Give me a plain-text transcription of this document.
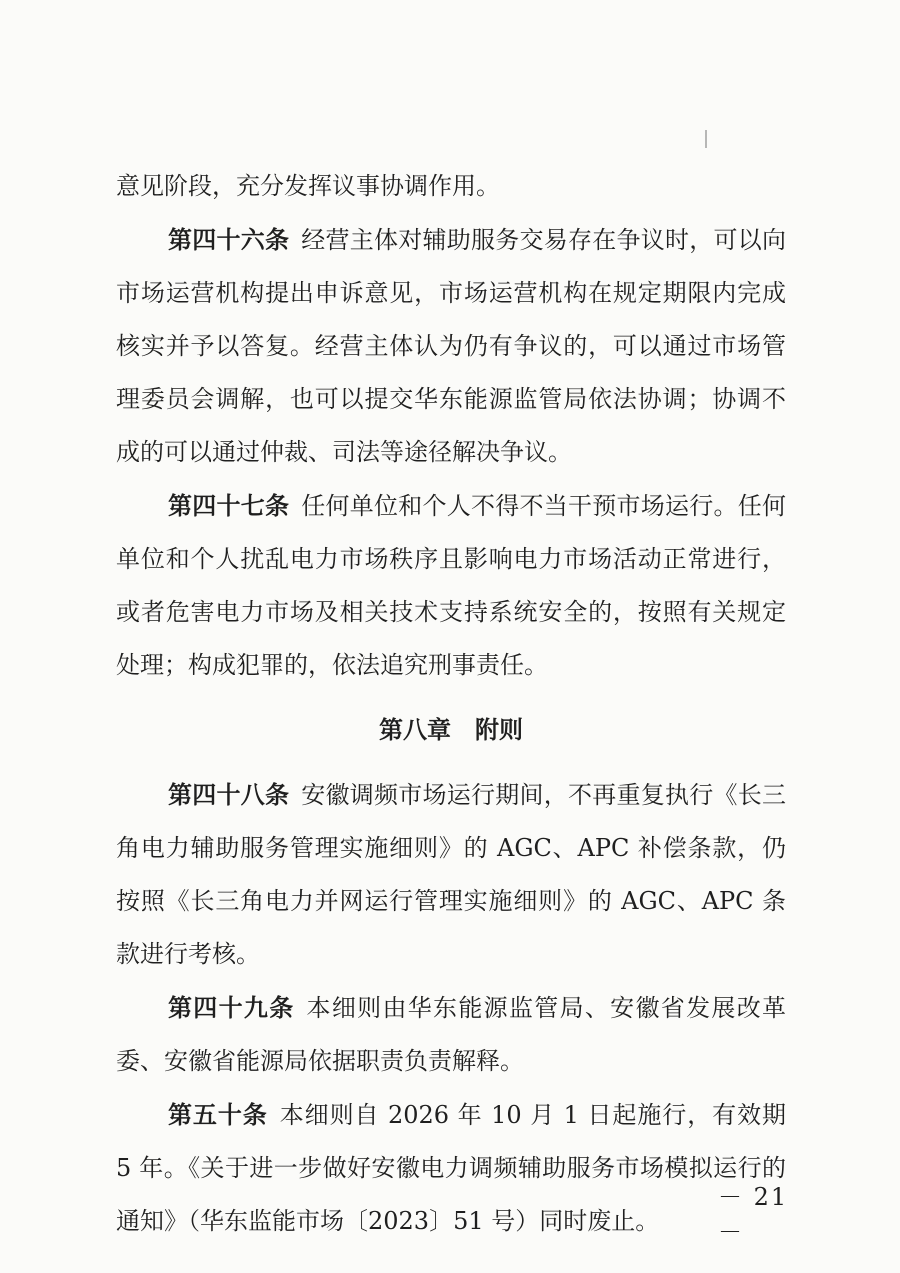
意见阶段，充分发挥议事协调作用。

第四十六条 经营主体对辅助服务交易存在争议时，可以向市场运营机构提出申诉意见，市场运营机构在规定期限内完成核实并予以答复。经营主体认为仍有争议的，可以通过市场管理委员会调解，也可以提交华东能源监管局依法协调；协调不成的可以通过仲裁、司法等途径解决争议。

第四十七条 任何单位和个人不得不当干预市场运行。任何单位和个人扰乱电力市场秩序且影响电力市场活动正常进行，或者危害电力市场及相关技术支持系统安全的，按照有关规定处理；构成犯罪的，依法追究刑事责任。

第八章 附则

第四十八条 安徽调频市场运行期间，不再重复执行《长三角电力辅助服务管理实施细则》的 AGC、APC 补偿条款，仍按照《长三角电力并网运行管理实施细则》的 AGC、APC 条款进行考核。

第四十九条 本细则由华东能源监管局、安徽省发展改革委、安徽省能源局依据职责负责解释。

第五十条 本细则自 2026 年 10 月 1 日起施行，有效期 5 年。《关于进一步做好安徽电力调频辅助服务市场模拟运行的通知》（华东监能市场〔2023〕51 号）同时废止。

－ 21 －
